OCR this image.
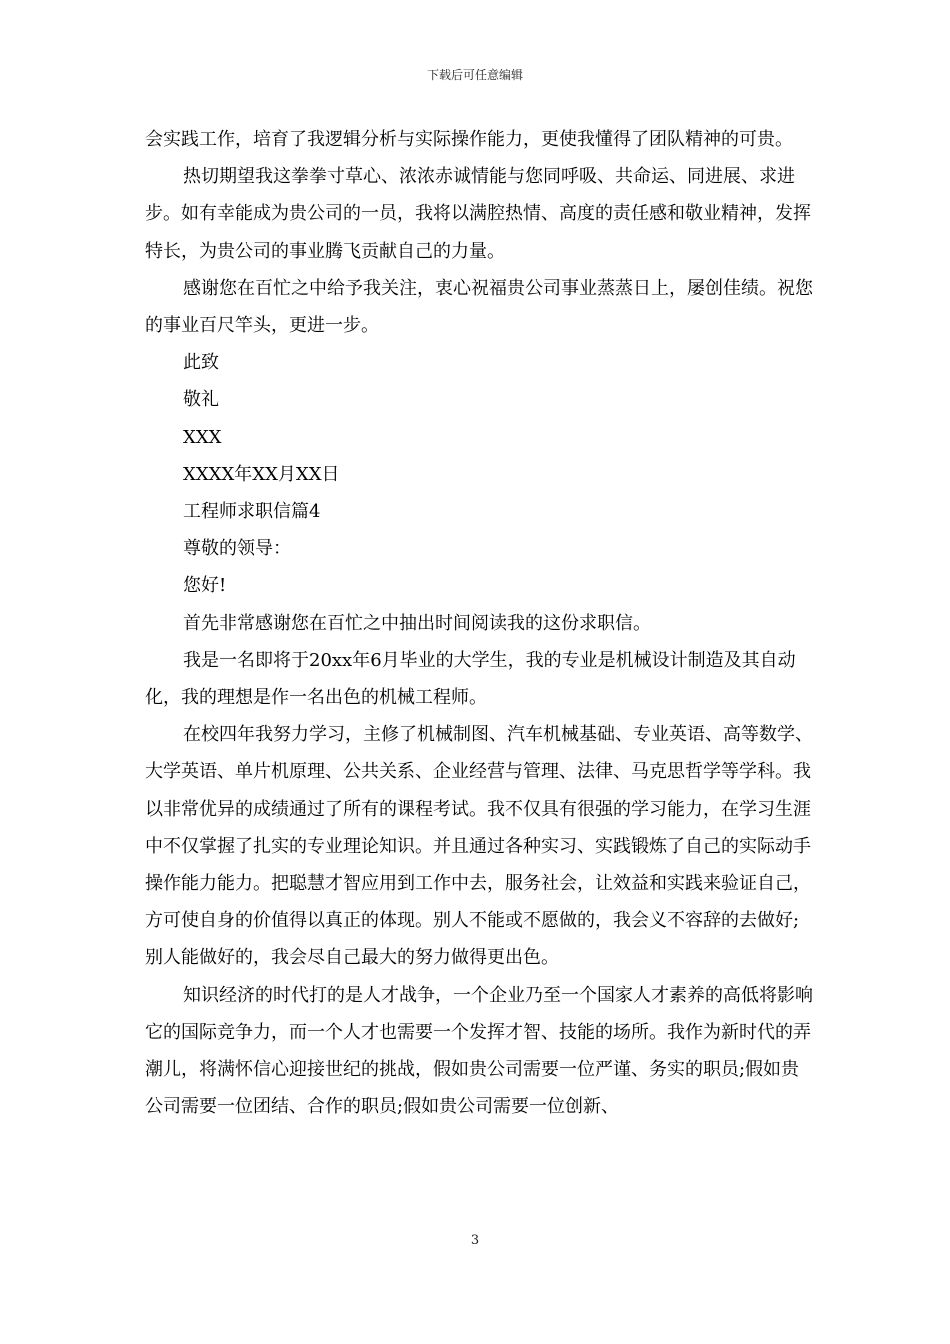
下载后可任意编辑

会实践工作，培育了我逻辑分析与实际操作能力，更使我懂得了团队精神的可贵。

热切期望我这拳拳寸草心、浓浓赤诚情能与您同呼吸、共命运、同进展、求进步。如有幸能成为贵公司的一员，我将以满腔热情、高度的责任感和敬业精神，发挥特长，为贵公司的事业腾飞贡献自己的力量。

感谢您在百忙之中给予我关注，衷心祝福贵公司事业蒸蒸日上，屡创佳绩。祝您的事业百尺竿头，更进一步。

此致

敬礼

XXX

XXXX年XX月XX日

工程师求职信篇4

尊敬的领导：

您好!

首先非常感谢您在百忙之中抽出时间阅读我的这份求职信。

我是一名即将于20xx年6月毕业的大学生，我的专业是机械设计制造及其自动化，我的理想是作一名出色的机械工程师。

在校四年我努力学习，主修了机械制图、汽车机械基础、专业英语、高等数学、大学英语、单片机原理、公共关系、企业经营与管理、法律、马克思哲学等学科。我以非常优异的成绩通过了所有的课程考试。我不仅具有很强的学习能力，在学习生涯中不仅掌握了扎实的专业理论知识。并且通过各种实习、实践锻炼了自己的实际动手操作能力能力。把聪慧才智应用到工作中去，服务社会，让效益和实践来验证自己，方可使自身的价值得以真正的体现。别人不能或不愿做的，我会义不容辞的去做好;别人能做好的，我会尽自己最大的努力做得更出色。

知识经济的时代打的是人才战争，一个企业乃至一个国家人才素养的高低将影响它的国际竞争力，而一个人才也需要一个发挥才智、技能的场所。我作为新时代的弄潮儿，将满怀信心迎接世纪的挑战，假如贵公司需要一位严谨、务实的职员;假如贵公司需要一位团结、合作的职员;假如贵公司需要一位创新、

3
